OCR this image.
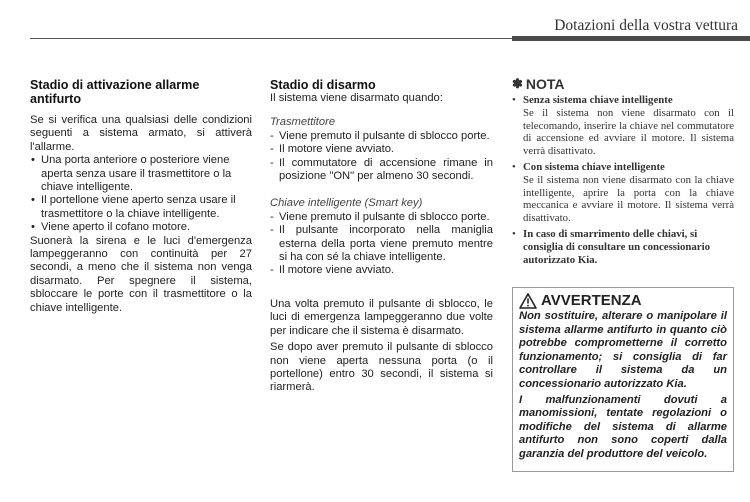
Dotazioni della vostra vettura
Stadio di attivazione allarme antifurto

Se si verifica una qualsiasi delle condizioni seguenti a sistema armato, si attiverà l'allarme.

• Una porta anteriore o posteriore viene aperta senza usare il trasmettitore o la chiave intelligente.
• Il portellone viene aperto senza usare il trasmettitore o la chiave intelligente.
• Viene aperto il cofano motore.

Suonerà la sirena e le luci d'emergenza lampeggeranno con continuità per 27 secondi, a meno che il sistema non venga disarmato. Per spegnere il sistema, sbloccare le porte con il trasmettitore o la chiave intelligente.

Stadio di disarmo

Il sistema viene disarmato quando:

Trasmettitore

- Viene premuto il pulsante di sblocco porte.
- Il motore viene avviato.
- Il commutatore di accensione rimane in posizione "ON" per almeno 30 secondi.

Chiave intelligente (Smart key)

- Viene premuto il pulsante di sblocco porte.
- Il pulsante incorporato nella maniglia esterna della porta viene premuto mentre si ha con sé la chiave intelligente.
- Il motore viene avviato.

Una volta premuto il pulsante di sblocco, le luci di emergenza lampeggeranno due volte per indicare che il sistema è disarmato.

Se dopo aver premuto il pulsante di sblocco non viene aperta nessuna porta (o il portellone) entro 30 secondi, il sistema si riarmerà.

✽ NOTA
• Senza sistema chiave intelligente
Se il sistema non viene disarmato con il telecomando, inserire la chiave nel commutatore di accensione ed avviare il motore. Il sistema verrà disattivato.
• Con sistema chiave intelligente
Se il sistema non viene disarmato con la chiave intelligente, aprire la porta con la chiave meccanica e avviare il motore. Il sistema verrà disattivato.
• In caso di smarrimento delle chiavi, si consiglia di consultare un concessionario autorizzato Kia.
AVVERTENZA

Non sostituire, alterare o manipolare il sistema allarme antifurto in quanto ciò potrebbe comprometterne il corretto funzionamento; si consiglia di far controllare il sistema da un concessionario autorizzato Kia.

I malfunzionamenti dovuti a manomissioni, tentate regolazioni o modifiche del sistema di allarme antifurto non sono coperti dalla garanzia del produttore del veicolo.
